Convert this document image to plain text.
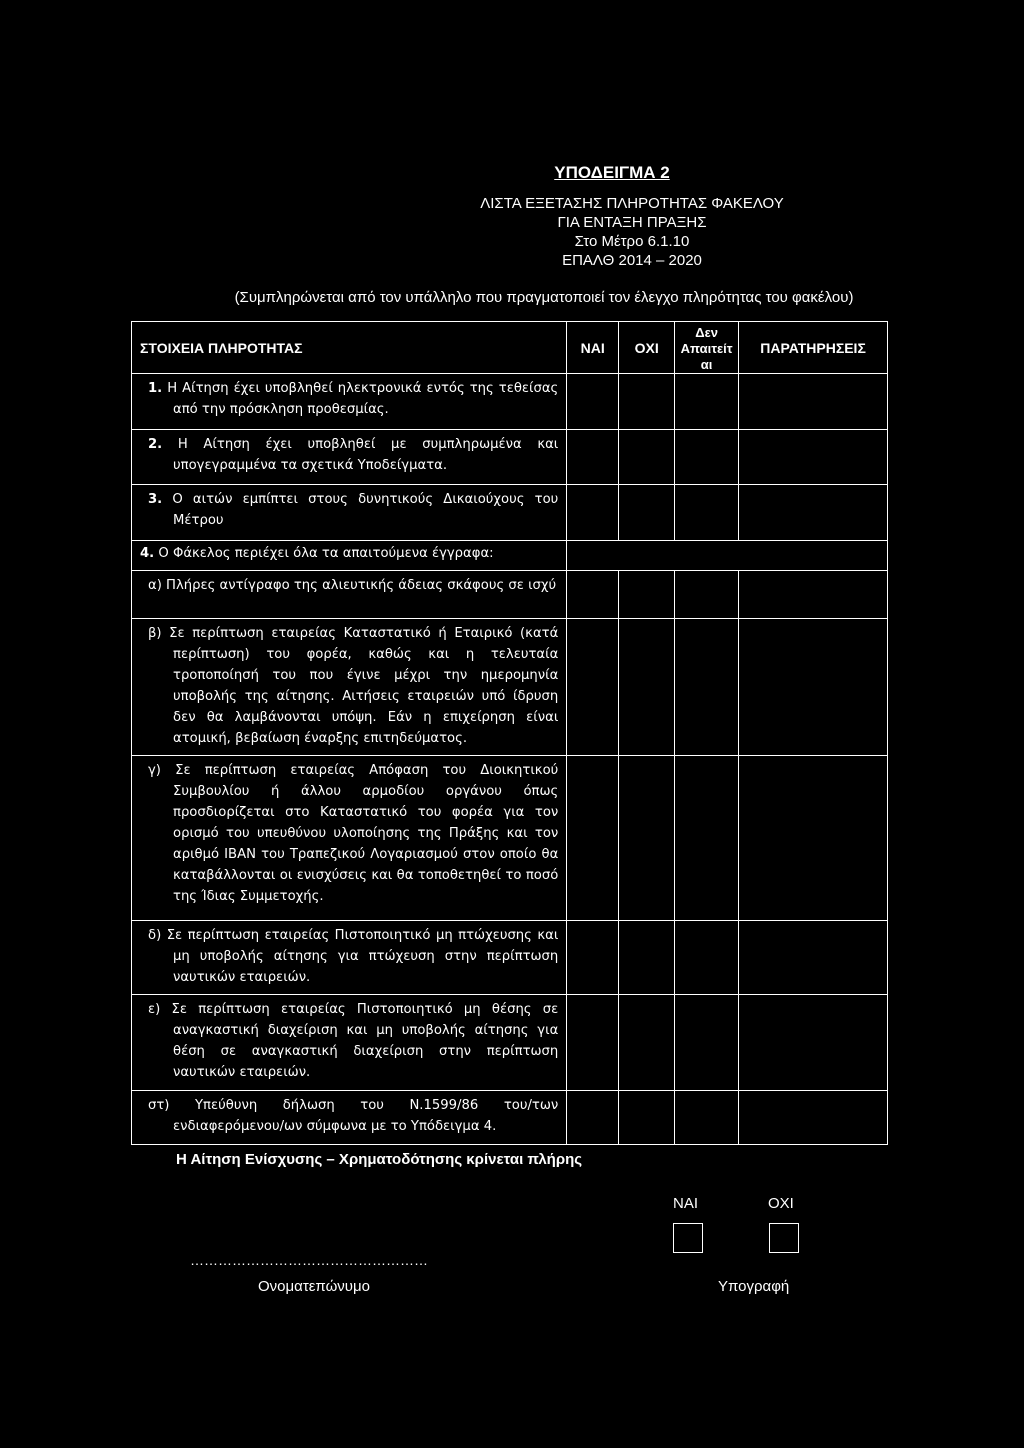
ΥΠΟΔΕΙΓΜΑ 2
ΛΙΣΤΑ ΕΞΕΤΑΣΗΣ ΠΛΗΡΟΤΗΤΑΣ ΦΑΚΕΛΟΥ
ΓΙΑ ΕΝΤΑΞΗ ΠΡΑΞΗΣ
Στο Μέτρο 6.1.10
ΕΠΑΛΘ 2014 – 2020
(Συμπληρώνεται από τον υπάλληλο που πραγματοποιεί τον έλεγχο πληρότητας του φακέλου)
ΣΤΟΙΧΕΙΑ ΠΛΗΡΟΤΗΤΑΣ	ΝΑΙ	ΟΧΙ	Δεν Απαιτείτ αι	ΠΑΡΑΤΗΡΗΣΕΙΣ

1. Η Αίτηση έχει υποβληθεί ηλεκτρονικά εντός της τεθείσας από την πρόσκληση προθεσμίας.				

2. Η Αίτηση έχει υποβληθεί με συμπληρωμένα και υπογεγραμμένα τα σχετικά Υποδείγματα.				

3. Ο αιτών εμπίπτει στους δυνητικούς Δικαιούχους του Μέτρου				

4. Ο Φάκελος περιέχει όλα τα απαιτούμενα έγγραφα:				

α) Πλήρες αντίγραφο της αλιευτικής άδειας σκάφους σε ισχύ				

β) Σε περίπτωση εταιρείας Καταστατικό ή Εταιρικό (κατά περίπτωση) του φορέα, καθώς και η τελευταία τροποποίησή του που έγινε μέχρι την ημερομηνία υποβολής της αίτησης. Αιτήσεις εταιρειών υπό ίδρυση δεν θα λαμβάνονται υπόψη. Εάν η επιχείρηση είναι ατομική, βεβαίωση έναρξης επιτηδεύματος.				

γ) Σε περίπτωση εταιρείας Απόφαση του Διοικητικού Συμβουλίου ή άλλου αρμοδίου οργάνου όπως προσδιορίζεται στο Καταστατικό του φορέα για τον ορισμό του υπευθύνου υλοποίησης της Πράξης και τον αριθμό IBAN του Τραπεζικού Λογαριασμού στον οποίο θα καταβάλλονται οι ενισχύσεις και θα τοποθετηθεί το ποσό της Ίδιας Συμμετοχής.				

δ) Σε περίπτωση εταιρείας Πιστοποιητικό μη πτώχευσης και μη υποβολής αίτησης για πτώχευση στην περίπτωση ναυτικών εταιρειών.				

ε) Σε περίπτωση εταιρείας Πιστοποιητικό μη θέσης σε αναγκαστική διαχείριση και μη υποβολής αίτησης για θέση σε αναγκαστική διαχείριση στην περίπτωση ναυτικών εταιρειών.				

στ) Υπεύθυνη δήλωση του Ν.1599/86 του/των ενδιαφερόμενου/ων σύμφωνα με το Υπόδειγμα 4.				

Η Αίτηση Ενίσχυσης – Χρηματοδότησης κρίνεται πλήρης
ΝΑΙ	ΟΧΙ
……………………………………………
Ονοματεπώνυμο	Υπογραφή
